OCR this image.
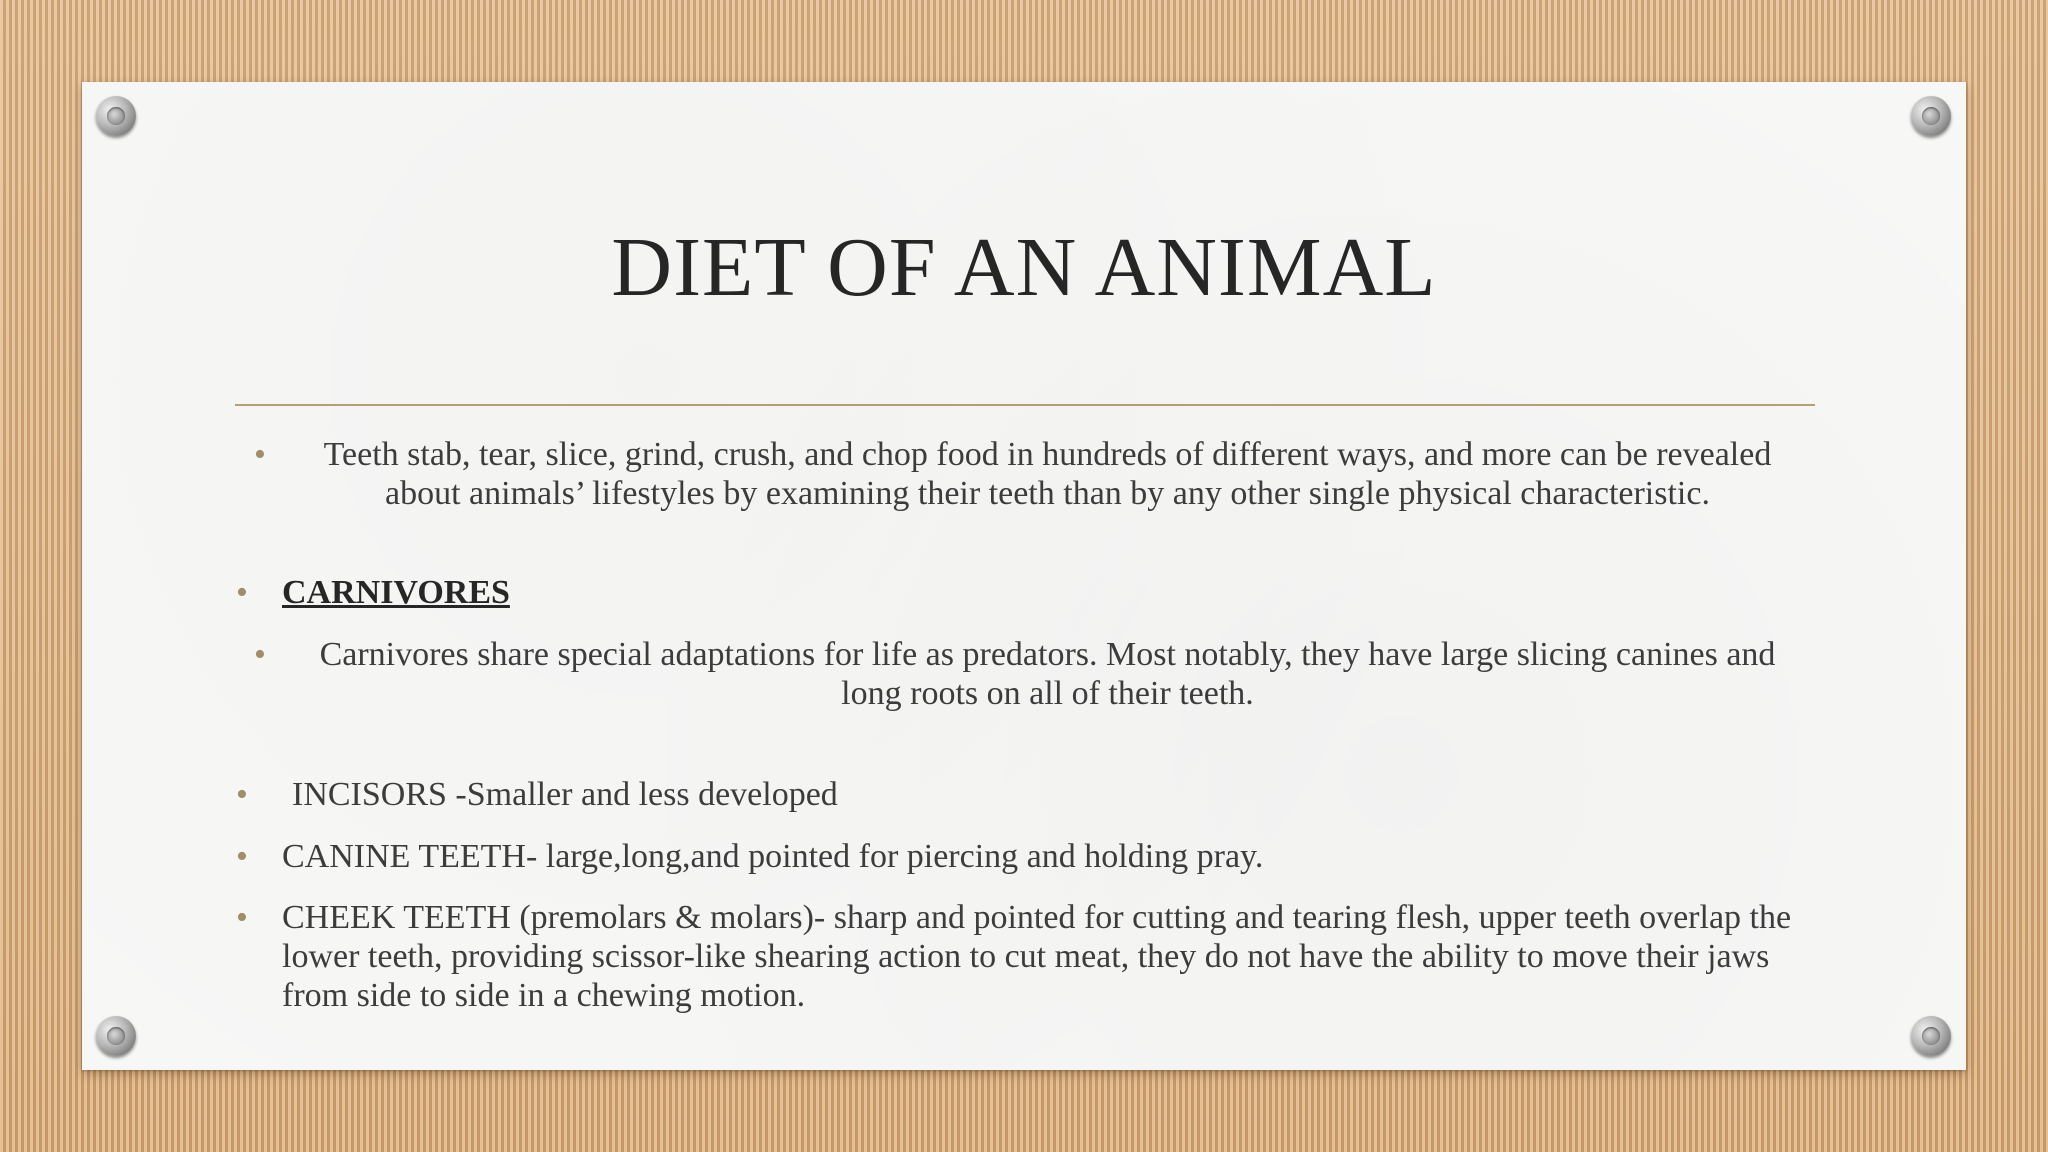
DIET OF AN ANIMAL
• Teeth stab, tear, slice, grind, crush, and chop food in hundreds of different ways, and more can be revealed about animals’ lifestyles by examining their teeth than by any other single physical characteristic.
• CARNIVORES
• Carnivores share special adaptations for life as predators. Most notably, they have large slicing canines and long roots on all of their teeth.
• INCISORS -Smaller and less developed
• CANINE TEETH- large,long,and pointed for piercing and holding pray.
• CHEEK TEETH (premolars & molars)- sharp and pointed for cutting and tearing flesh, upper teeth overlap the lower teeth, providing scissor-like shearing action to cut meat, they do not have the ability to move their jaws from side to side in a chewing motion.
